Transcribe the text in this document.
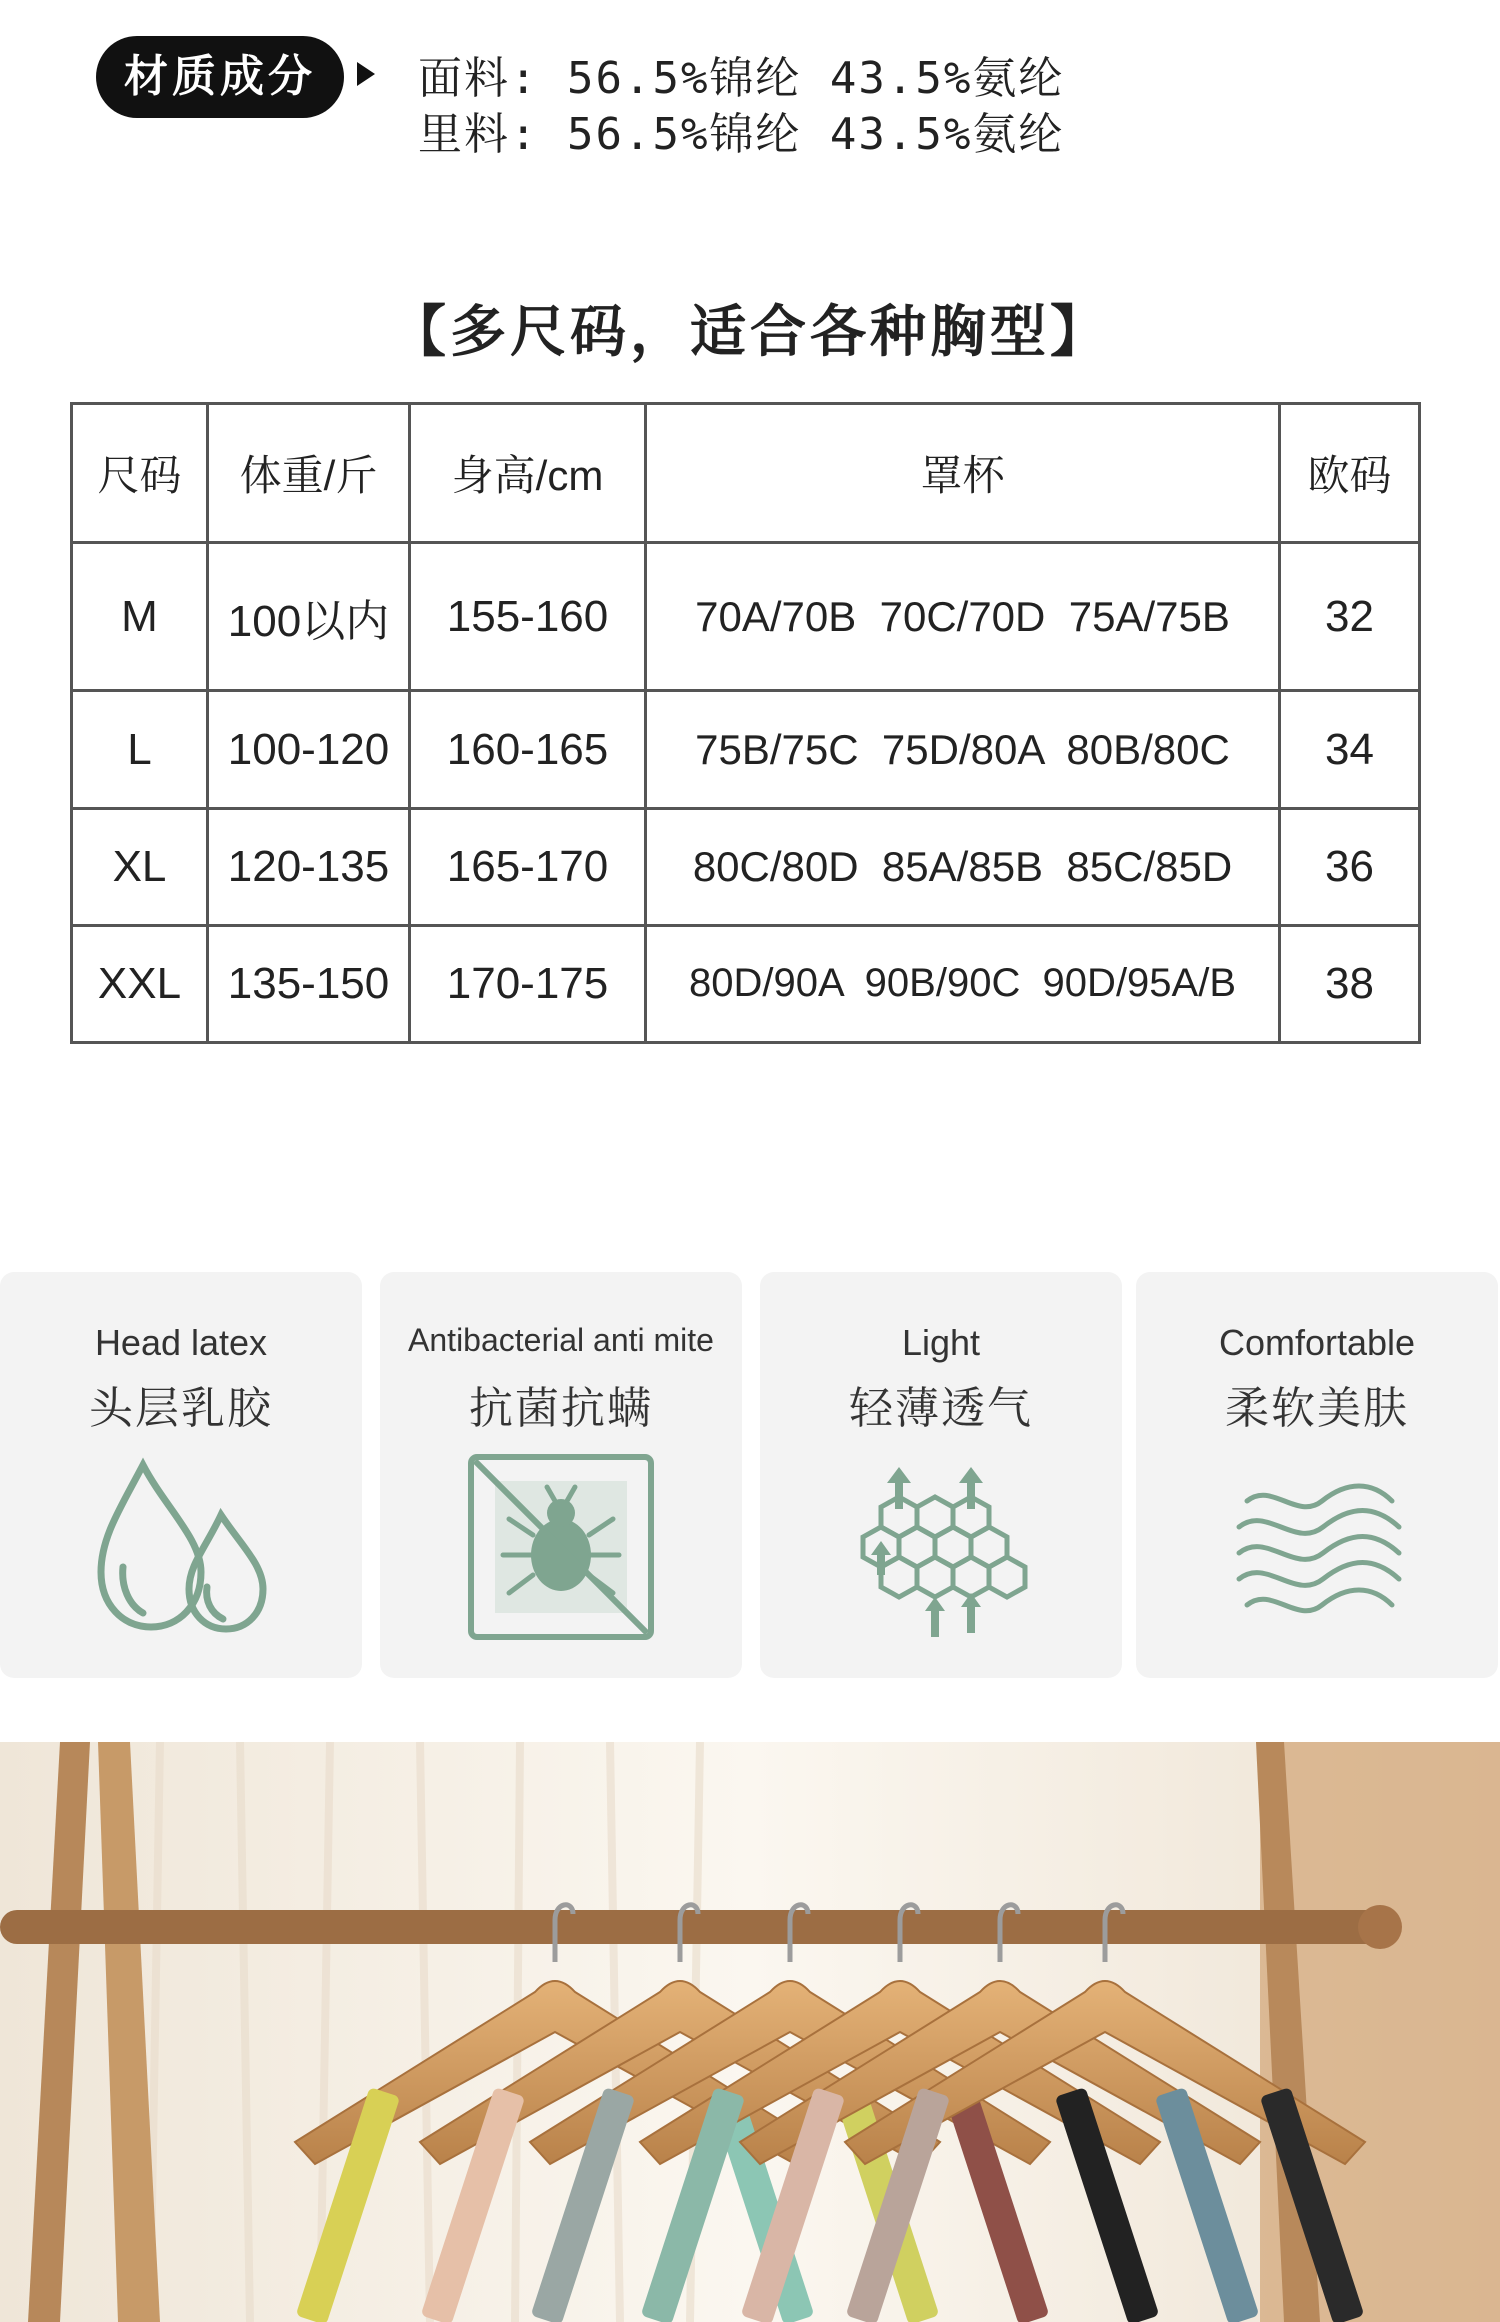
材质成分	面料: 56.5%锦纶 43.5%氨纶
里料: 56.5%锦纶 43.5%氨纶
【多尺码，适合各种胸型】
尺码	体重/斤	身高/cm	罩杯	欧码
M	100以内	155-160	70A/70B  70C/70D  75A/75B	32
L	100-120	160-165	75B/75C  75D/80A  80B/80C	34
XL	120-135	165-170	80C/80D  85A/85B  85C/85D	36
XXL	135-150	170-175	80D/90A  90B/90C  90D/95A/B	38
Head latex
头层乳胶
Antibacterial anti mite
抗菌抗螨
Light
轻薄透气
Comfortable
柔软美肤
